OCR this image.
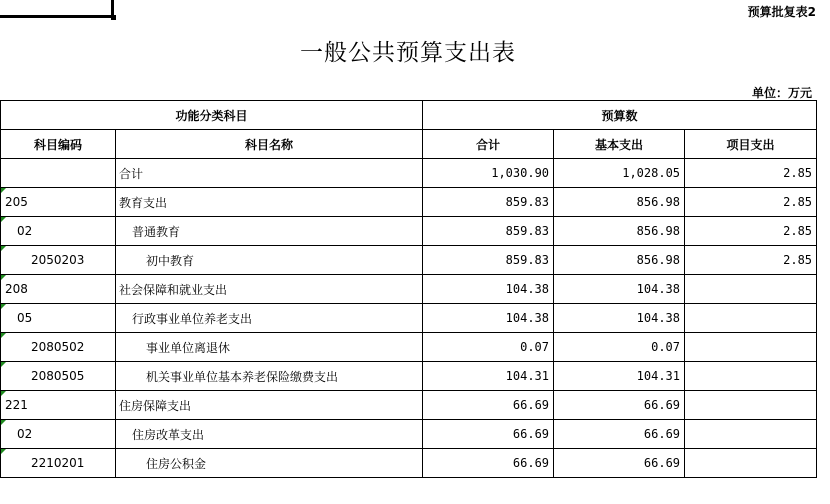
预算批复表2
一般公共预算支出表
单位：万元
功能分类科目		预算数		
科目编码	科目名称	合计	基本支出	项目支出
	合计	1,030.90	1,028.05	2.85
205	教育支出	859.83	856.98	2.85
02	普通教育	859.83	856.98	2.85
2050203	初中教育	859.83	856.98	2.85
208	社会保障和就业支出	104.38	104.38	
05	行政事业单位养老支出	104.38	104.38	
2080502	事业单位离退休	0.07	0.07	
2080505	机关事业单位基本养老保险缴费支出	104.31	104.31	
221	住房保障支出	66.69	66.69	
02	住房改革支出	66.69	66.69	
2210201	住房公积金	66.69	66.69	
